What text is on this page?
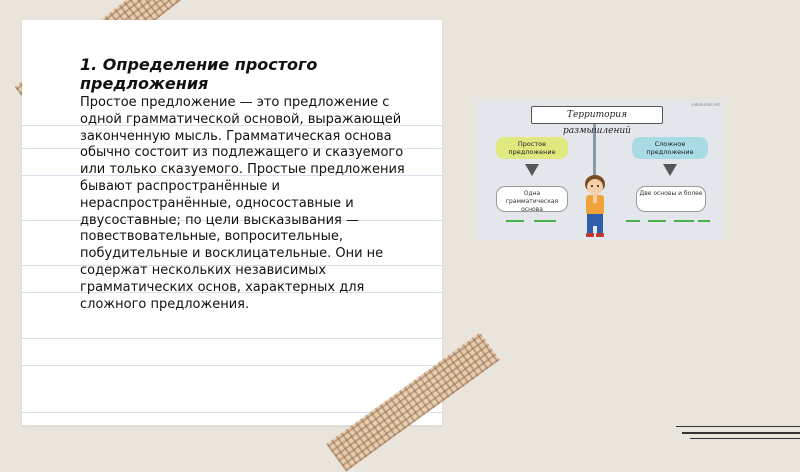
1. Определение простого предложения
Простое предложение — это предложение с одной грамматической основой, выражающей законченную мысль. Грамматическая основа обычно состоит из подлежащего и сказуемого или только сказуемого. Простые предложения бывают распространённые и нераспространённые, односоставные и двусоставные; по цели высказывания — повествовательные, вопросительные, побудительные и восклицательные. Они не содержат нескольких независимых грамматических основ, характерных для сложного предложения.
videouroki.net
Территория размышлений
Простое предложение
Сложное предложение
Одна грамматическая основа
Две основы и более
